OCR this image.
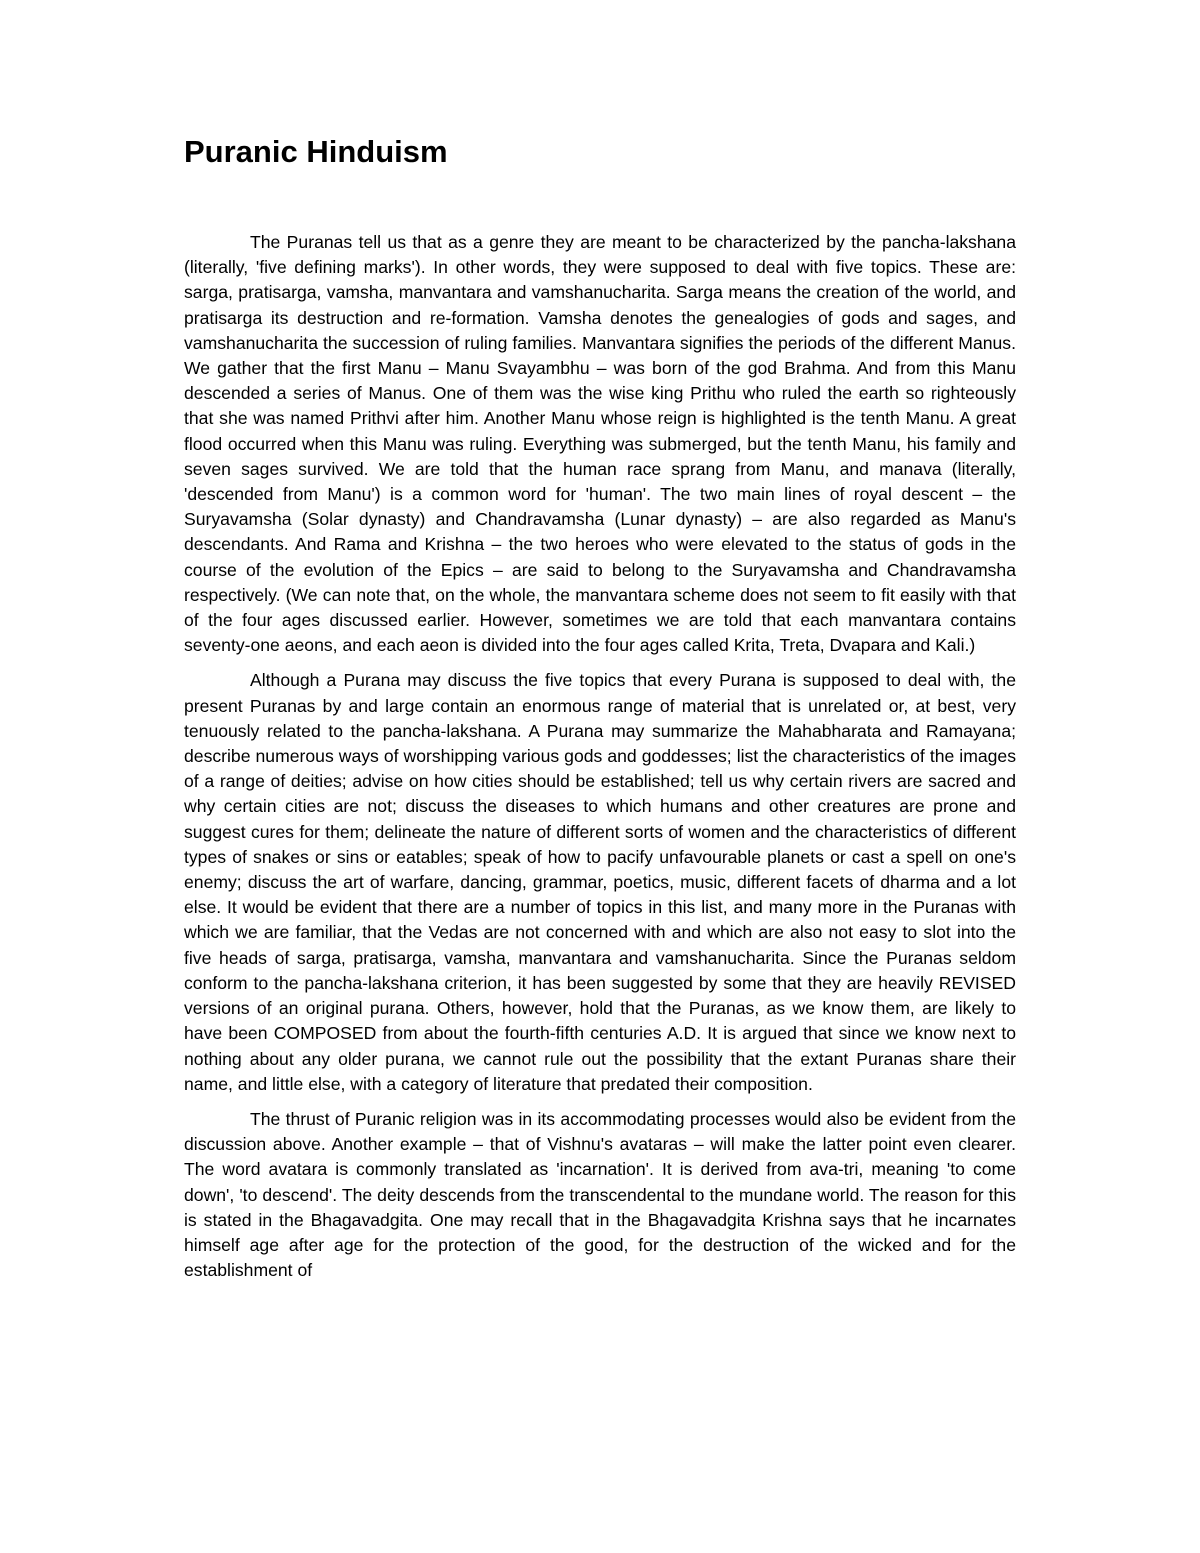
Puranic Hinduism

The Puranas tell us that as a genre they are meant to be characterized by the pancha-lakshana (literally, 'five defining marks'). In other words, they were supposed to deal with five topics. These are: sarga, pratisarga, vamsha, manvantara and vamshanucharita. Sarga means the creation of the world, and pratisarga its destruction and re-formation. Vamsha denotes the genealogies of gods and sages, and vamshanucharita the succession of ruling families. Manvantara signifies the periods of the different Manus. We gather that the first Manu – Manu Svayambhu – was born of the god Brahma. And from this Manu descended a series of Manus. One of them was the wise king Prithu who ruled the earth so righteously that she was named Prithvi after him. Another Manu whose reign is highlighted is the tenth Manu. A great flood occurred when this Manu was ruling. Everything was submerged, but the tenth Manu, his family and seven sages survived. We are told that the human race sprang from Manu, and manava (literally, 'descended from Manu') is a common word for 'human'. The two main lines of royal descent – the Suryavamsha (Solar dynasty) and Chandravamsha (Lunar dynasty) – are also regarded as Manu's descendants. And Rama and Krishna – the two heroes who were elevated to the status of gods in the course of the evolution of the Epics – are said to belong to the Suryavamsha and Chandravamsha respectively. (We can note that, on the whole, the manvantara scheme does not seem to fit easily with that of the four ages discussed earlier. However, sometimes we are told that each manvantara contains seventy-one aeons, and each aeon is divided into the four ages called Krita, Treta, Dvapara and Kali.)

Although a Purana may discuss the five topics that every Purana is supposed to deal with, the present Puranas by and large contain an enormous range of material that is unrelated or, at best, very tenuously related to the pancha-lakshana. A Purana may summarize the Mahabharata and Ramayana; describe numerous ways of worshipping various gods and goddesses; list the characteristics of the images of a range of deities; advise on how cities should be established; tell us why certain rivers are sacred and why certain cities are not; discuss the diseases to which humans and other creatures are prone and suggest cures for them; delineate the nature of different sorts of women and the characteristics of different types of snakes or sins or eatables; speak of how to pacify unfavourable planets or cast a spell on one's enemy; discuss the art of warfare, dancing, grammar, poetics, music, different facets of dharma and a lot else. It would be evident that there are a number of topics in this list, and many more in the Puranas with which we are familiar, that the Vedas are not concerned with and which are also not easy to slot into the five heads of sarga, pratisarga, vamsha, manvantara and vamshanucharita. Since the Puranas seldom conform to the pancha-lakshana criterion, it has been suggested by some that they are heavily REVISED versions of an original purana. Others, however, hold that the Puranas, as we know them, are likely to have been COMPOSED from about the fourth-fifth centuries A.D. It is argued that since we know next to nothing about any older purana, we cannot rule out the possibility that the extant Puranas share their name, and little else, with a category of literature that predated their composition.

The thrust of Puranic religion was in its accommodating processes would also be evident from the discussion above. Another example – that of Vishnu's avataras – will make the latter point even clearer. The word avatara is commonly translated as 'incarnation'. It is derived from ava-tri, meaning 'to come down', 'to descend'. The deity descends from the transcendental to the mundane world. The reason for this is stated in the Bhagavadgita. One may recall that in the Bhagavadgita Krishna says that he incarnates himself age after age for the protection of the good, for the destruction of the wicked and for the establishment of
